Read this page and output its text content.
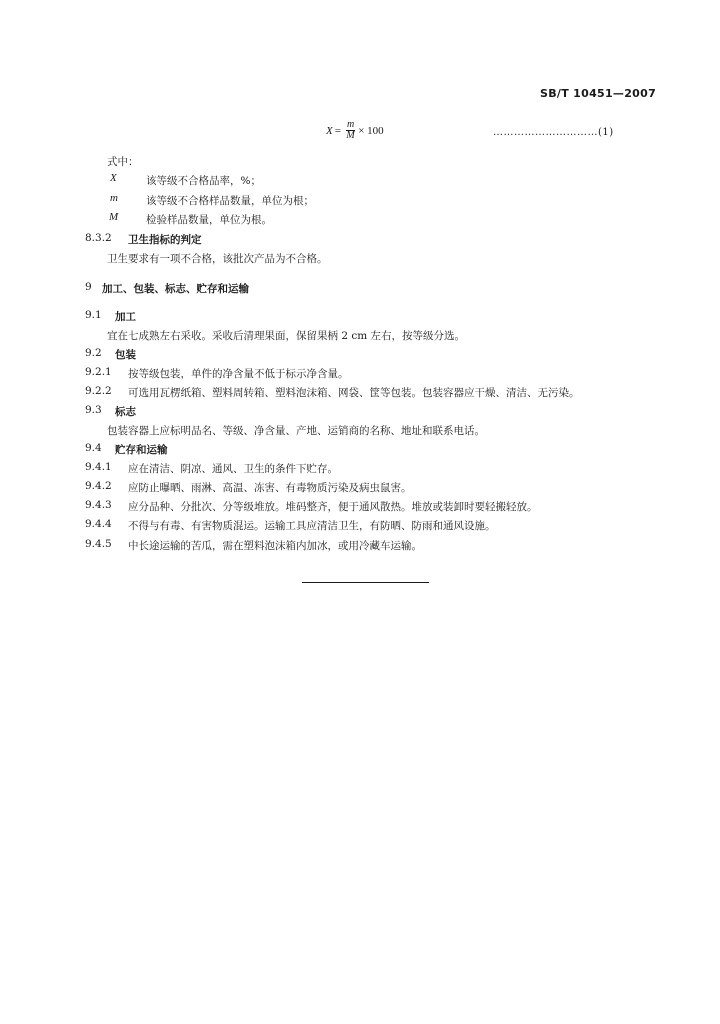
SB/T 10451—2007
$X = \frac{m}{M} \times 100$	…………………………(1)
式中：
X	该等级不合格品率，%；
m	该等级不合格样品数量，单位为根；
M	检验样品数量，单位为根。
8.3.2 卫生指标的判定
卫生要求有一项不合格，该批次产品为不合格。
9 加工、包装、标志、贮存和运输
9.1 加工
宜在七成熟左右采收。采收后清理果面，保留果柄 2 cm 左右，按等级分选。
9.2 包装
9.2.1 按等级包装，单件的净含量不低于标示净含量。
9.2.2 可选用瓦楞纸箱、塑料周转箱、塑料泡沫箱、网袋、筐等包装。包装容器应干燥、清洁、无污染。
9.3 标志
包装容器上应标明品名、等级、净含量、产地、运销商的名称、地址和联系电话。
9.4 贮存和运输
9.4.1 应在清洁、阴凉、通风、卫生的条件下贮存。
9.4.2 应防止曝晒、雨淋、高温、冻害、有毒物质污染及病虫鼠害。
9.4.3 应分品种、分批次、分等级堆放。堆码整齐，便于通风散热。堆放或装卸时要轻搬轻放。
9.4.4 不得与有毒、有害物质混运。运输工具应清洁卫生，有防晒、防雨和通风设施。
9.4.5 中长途运输的苦瓜，需在塑料泡沫箱内加冰，或用冷藏车运输。
